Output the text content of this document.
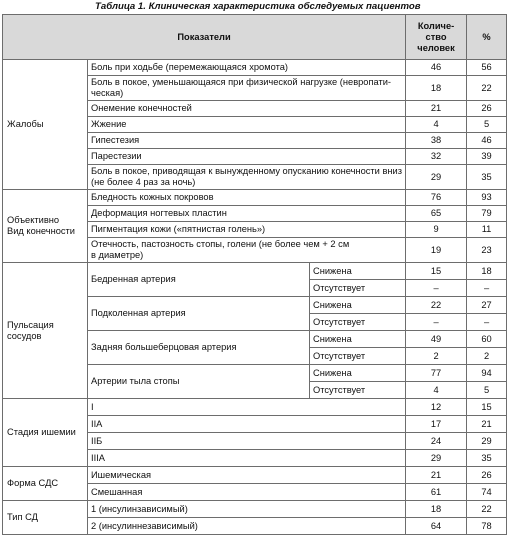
Таблица 1. Клиническая характеристика обследуемых пациентов
Показатели			Количе-
ство
человек	%
Жалобы	Боль при ходьбе (перемежающаяся хромота)		46	56
	Боль в покое, уменьшающаяся при физической нагрузке (невропати-
ческая)		18	22
	Онемение конечностей		21	26
	Жжение		4	5
	Гипестезия		38	46
	Парестезии		32	39
	Боль в покое, приводящая к вынужденному опусканию конечности вниз
(не более 4 раз за ночь)		29	35
Объективно
Вид конечности	Бледность кожных покровов		76	93
	Деформация ногтевых пластин		65	79
	Пигментация кожи («пятнистая голень»)		9	11
	Отечность, пастозность стопы, голени (не более чем + 2 см
в диаметре)		19	23
Пульсация
сосудов	Бедренная артерия	Снижена	15	18
		Отсутствует	–	–
	Подколенная артерия	Снижена	22	27
		Отсутствует	–	–
	Задняя большеберцовая артерия	Снижена	49	60
		Отсутствует	2	2
	Артерии тыла стопы	Снижена	77	94
		Отсутствует	4	5
Стадия ишемии	I		12	15
	IIA		17	21
	IIБ		24	29
	IIIA		29	35
Форма СДС	Ишемическая		21	26
	Смешанная		61	74
Тип СД	1 (инсулинзависимый)		18	22
	2 (инсулиннезависимый)		64	78
